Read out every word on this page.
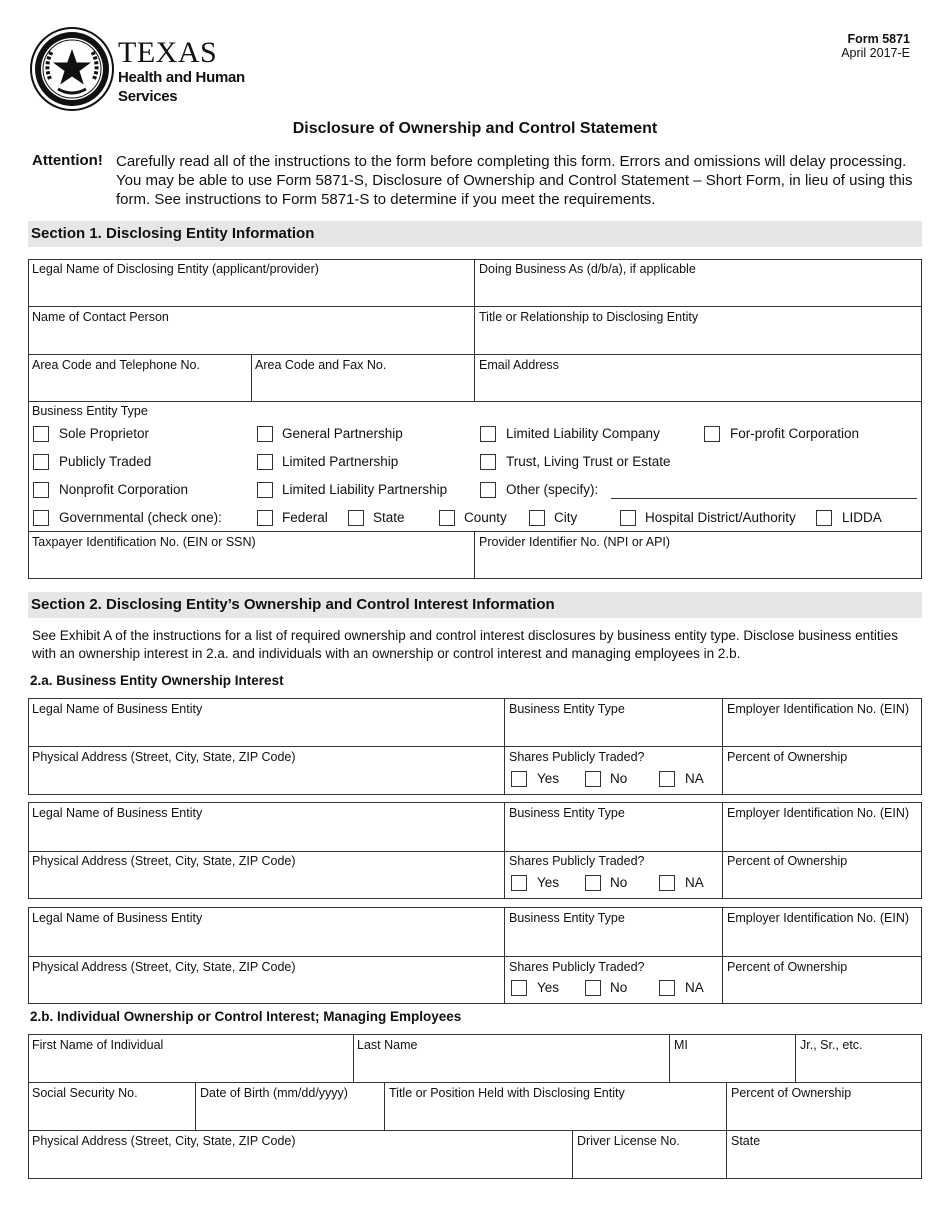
TEXAS
Health and Human
Services
Form 5871
April 2017-E
Disclosure of Ownership and Control Statement
Attention! Carefully read all of the instructions to the form before completing this form. Errors and omissions will delay processing. You may be able to use Form 5871-S, Disclosure of Ownership and Control Statement – Short Form, in lieu of using this form. See instructions to Form 5871-S to determine if you meet the requirements.
Section 1. Disclosing Entity Information
Legal Name of Disclosing Entity (applicant/provider)	Doing Business As (d/b/a), if applicable
Name of Contact Person	Title or Relationship to Disclosing Entity
Area Code and Telephone No.	Area Code and Fax No.	Email Address
Business Entity Type
Sole Proprietor	General Partnership	Limited Liability Company	For-profit Corporation
Publicly Traded	Limited Partnership	Trust, Living Trust or Estate
Nonprofit Corporation	Limited Liability Partnership	Other (specify):
Governmental (check one):	Federal	State	County	City	Hospital District/Authority	LIDDA
Taxpayer Identification No. (EIN or SSN)	Provider Identifier No. (NPI or API)
Section 2. Disclosing Entity’s Ownership and Control Interest Information
See Exhibit A of the instructions for a list of required ownership and control interest disclosures by business entity type. Disclose business entities with an ownership interest in 2.a. and individuals with an ownership or control interest and managing employees in 2.b.
2.a. Business Entity Ownership Interest
Legal Name of Business Entity	Business Entity Type	Employer Identification No. (EIN)
Physical Address (Street, City, State, ZIP Code)	Shares Publicly Traded?	Percent of Ownership
Yes	No	NA
Legal Name of Business Entity	Business Entity Type	Employer Identification No. (EIN)
Physical Address (Street, City, State, ZIP Code)	Shares Publicly Traded?	Percent of Ownership
Yes	No	NA
Legal Name of Business Entity	Business Entity Type	Employer Identification No. (EIN)
Physical Address (Street, City, State, ZIP Code)	Shares Publicly Traded?	Percent of Ownership
Yes	No	NA
2.b. Individual Ownership or Control Interest; Managing Employees
First Name of Individual	Last Name	MI	Jr., Sr., etc.
Social Security No.	Date of Birth (mm/dd/yyyy)	Title or Position Held with Disclosing Entity	Percent of Ownership
Physical Address (Street, City, State, ZIP Code)	Driver License No.	State
